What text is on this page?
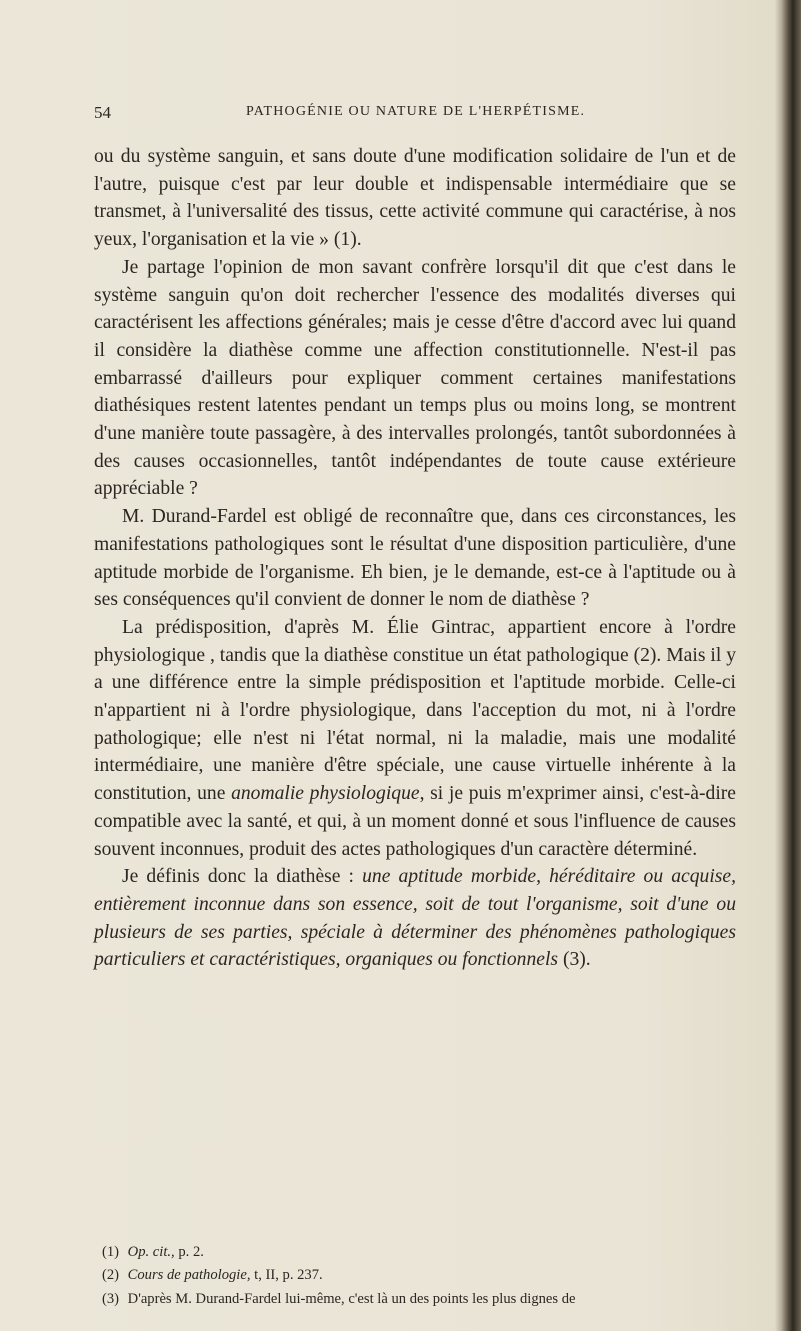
54	PATHOGÉNIE OU NATURE DE L'HERPÉTISME.

ou du système sanguin, et sans doute d'une modification solidaire de l'un et de l'autre, puisque c'est par leur double et indispensable intermédiaire que se transmet, à l'universalité des tissus, cette activité commune qui caractérise, à nos yeux, l'organisation et la vie » (1).

Je partage l'opinion de mon savant confrère lorsqu'il dit que c'est dans le système sanguin qu'on doit rechercher l'essence des modalités diverses qui caractérisent les affections générales; mais je cesse d'être d'accord avec lui quand il considère la diathèse comme une affection constitutionnelle. N'est-il pas embarrassé d'ailleurs pour expliquer comment certaines manifestations diathésiques restent latentes pendant un temps plus ou moins long, se montrent d'une manière toute passagère, à des intervalles prolongés, tantôt subordonnées à des causes occasionnelles, tantôt indépendantes de toute cause extérieure appréciable ?

M. Durand-Fardel est obligé de reconnaître que, dans ces circonstances, les manifestations pathologiques sont le résultat d'une disposition particulière, d'une aptitude morbide de l'organisme. Eh bien, je le demande, est-ce à l'aptitude ou à ses conséquences qu'il convient de donner le nom de diathèse ?

La prédisposition, d'après M. Élie Gintrac, appartient encore à l'ordre physiologique , tandis que la diathèse constitue un état pathologique (2). Mais il y a une différence entre la simple prédisposition et l'aptitude morbide. Celle-ci n'appartient ni à l'ordre physiologique, dans l'acception du mot, ni à l'ordre pathologique; elle n'est ni l'état normal, ni la maladie, mais une modalité intermédiaire, une manière d'être spéciale, une cause virtuelle inhérente à la constitution, une anomalie physiologique, si je puis m'exprimer ainsi, c'est-à-dire compatible avec la santé, et qui, à un moment donné et sous l'influence de causes souvent inconnues, produit des actes pathologiques d'un caractère déterminé.

Je définis donc la diathèse : une aptitude morbide, héréditaire ou acquise, entièrement inconnue dans son essence, soit de tout l'organisme, soit d'une ou plusieurs de ses parties, spéciale à déterminer des phénomènes pathologiques particuliers et caractéristiques, organiques ou fonctionnels (3).

(1) Op. cit., p. 2.
(2) Cours de pathologie, t, II, p. 237.
(3) D'après M. Durand-Fardel lui-même, c'est là un des points les plus dignes de
